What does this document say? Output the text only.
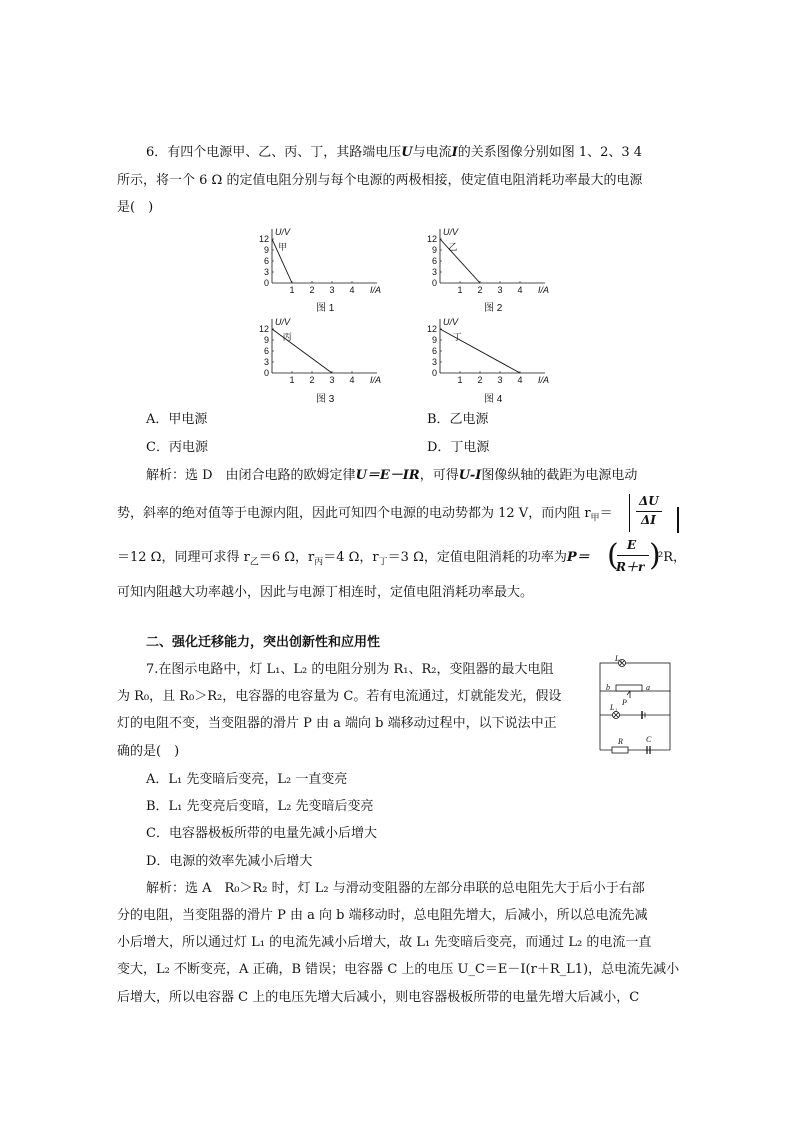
6．有四个电源甲、乙、丙、丁，其路端电压U与电流I的关系图像分别如图 1、2、3 4
所示，将一个 6 Ω 的定值电阻分别与每个电源的两极相接，使定值电阻消耗功率最大的电源
是(　)
12
9
6
3
0
1 2 3 4
U/V
I/A
甲
12
9
6
3
0
1 2 3 4
U/V
I/A
乙
12
9
6
3
0
1 2 3 4
U/V
I/A
丙
12
9
6
3
0
1 2 3 4
U/V
I/A
丁
图 1	图 2
图 3	图 4
A．甲电源	B．乙电源
C．丙电源	D．丁电源
解析：选 D　由闭合电路的欧姆定律U＝E－IR，可得U-I图像纵轴的截距为电源电动
势，斜率的绝对值等于电源内阻，因此可知四个电源的电动势都为 12 V，而内阻 $r_甲=$
ΔU
ΔI
＝12 Ω，同理可求得 $r_乙=6$ Ω，$r_丙=4$ Ω，$r_丁=3$ Ω，定值电阻消耗的功率为P＝
E
R＋r
( )
²R，
可知内阻越大功率越小，因此与电源丁相连时，定值电阻消耗功率最大。
二、强化迁移能力，突出创新性和应用性
7.在图示电路中，灯 L₁、L₂ 的电阻分别为 R₁、R₂，变阻器的最大电阻
为 R₀，且 R₀＞R₂，电容器的电容量为 C。若有电流通过，灯就能发光，假设
灯的电阻不变，当变阻器的滑片 P 由 a 端向 b 端移动过程中，以下说法中正
确的是(　)
L₂
b	a
P
L₁
R	C
A．L₁ 先变暗后变亮，L₂ 一直变亮
B．L₁ 先变亮后变暗，L₂ 先变暗后变亮
C．电容器极板所带的电量先减小后增大
D．电源的效率先减小后增大
解析：选 A　R₀＞R₂ 时，灯 L₂ 与滑动变阻器的左部分串联的总电阻先大于后小于右部
分的电阻，当变阻器的滑片 P 由 a 向 b 端移动时，总电阻先增大，后减小，所以总电流先减
小后增大，所以通过灯 L₁ 的电流先减小后增大，故 L₁ 先变暗后变亮，而通过 L₂ 的电流一直
变大，L₂ 不断变亮，A 正确，B 错误；电容器 C 上的电压 U_C＝E－I(r＋R_L1)，总电流先减小
后增大，所以电容器 C 上的电压先增大后减小，则电容器极板所带的电量先增大后减小，C
